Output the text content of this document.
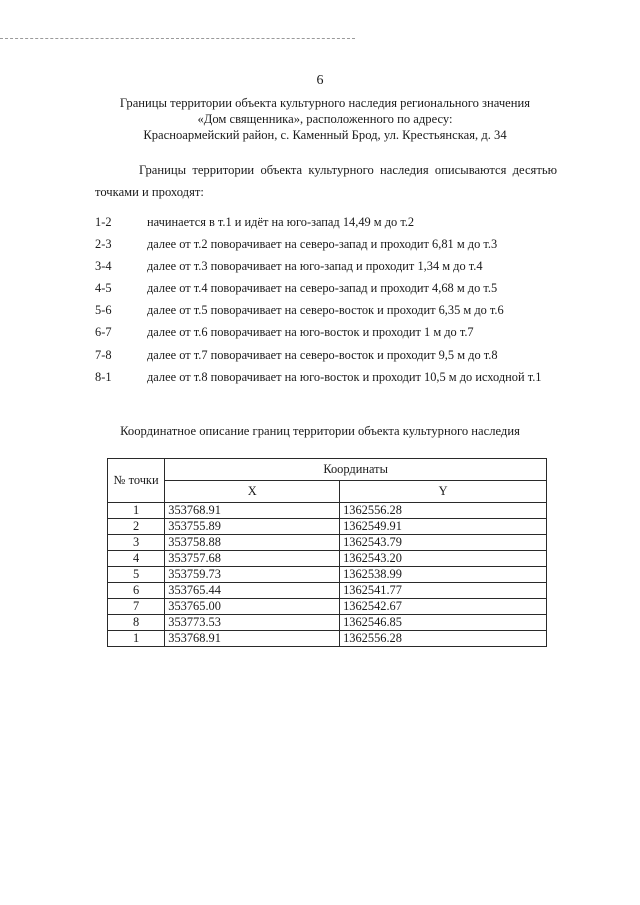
6
Границы территории объекта культурного наследия регионального значения
«Дом священника», расположенного по адресу:
Красноармейский район, с. Каменный Брод, ул. Крестьянская, д. 34
Границы территории объекта культурного наследия описываются десятью точками и проходят:
1-2	начинается в т.1 и идёт на юго-запад 14,49 м до т.2
2-3	далее от т.2 поворачивает на северо-запад и проходит 6,81 м до т.3
3-4	далее от т.3 поворачивает на юго-запад и проходит 1,34 м до т.4
4-5	далее от т.4 поворачивает на северо-запад и проходит 4,68 м до т.5
5-6	далее от т.5 поворачивает на северо-восток и проходит 6,35 м до т.6
6-7	далее от т.6 поворачивает на юго-восток и проходит 1 м до т.7
7-8	далее от т.7 поворачивает на северо-восток и проходит 9,5 м до т.8
8-1	далее от т.8 поворачивает на юго-восток и проходит 10,5 м до исходной т.1
Координатное описание границ территории объекта культурного наследия
№ точки	Координаты	
	X	Y
1	353768.91	1362556.28
2	353755.89	1362549.91
3	353758.88	1362543.79
4	353757.68	1362543.20
5	353759.73	1362538.99
6	353765.44	1362541.77
7	353765.00	1362542.67
8	353773.53	1362546.85
1	353768.91	1362556.28
